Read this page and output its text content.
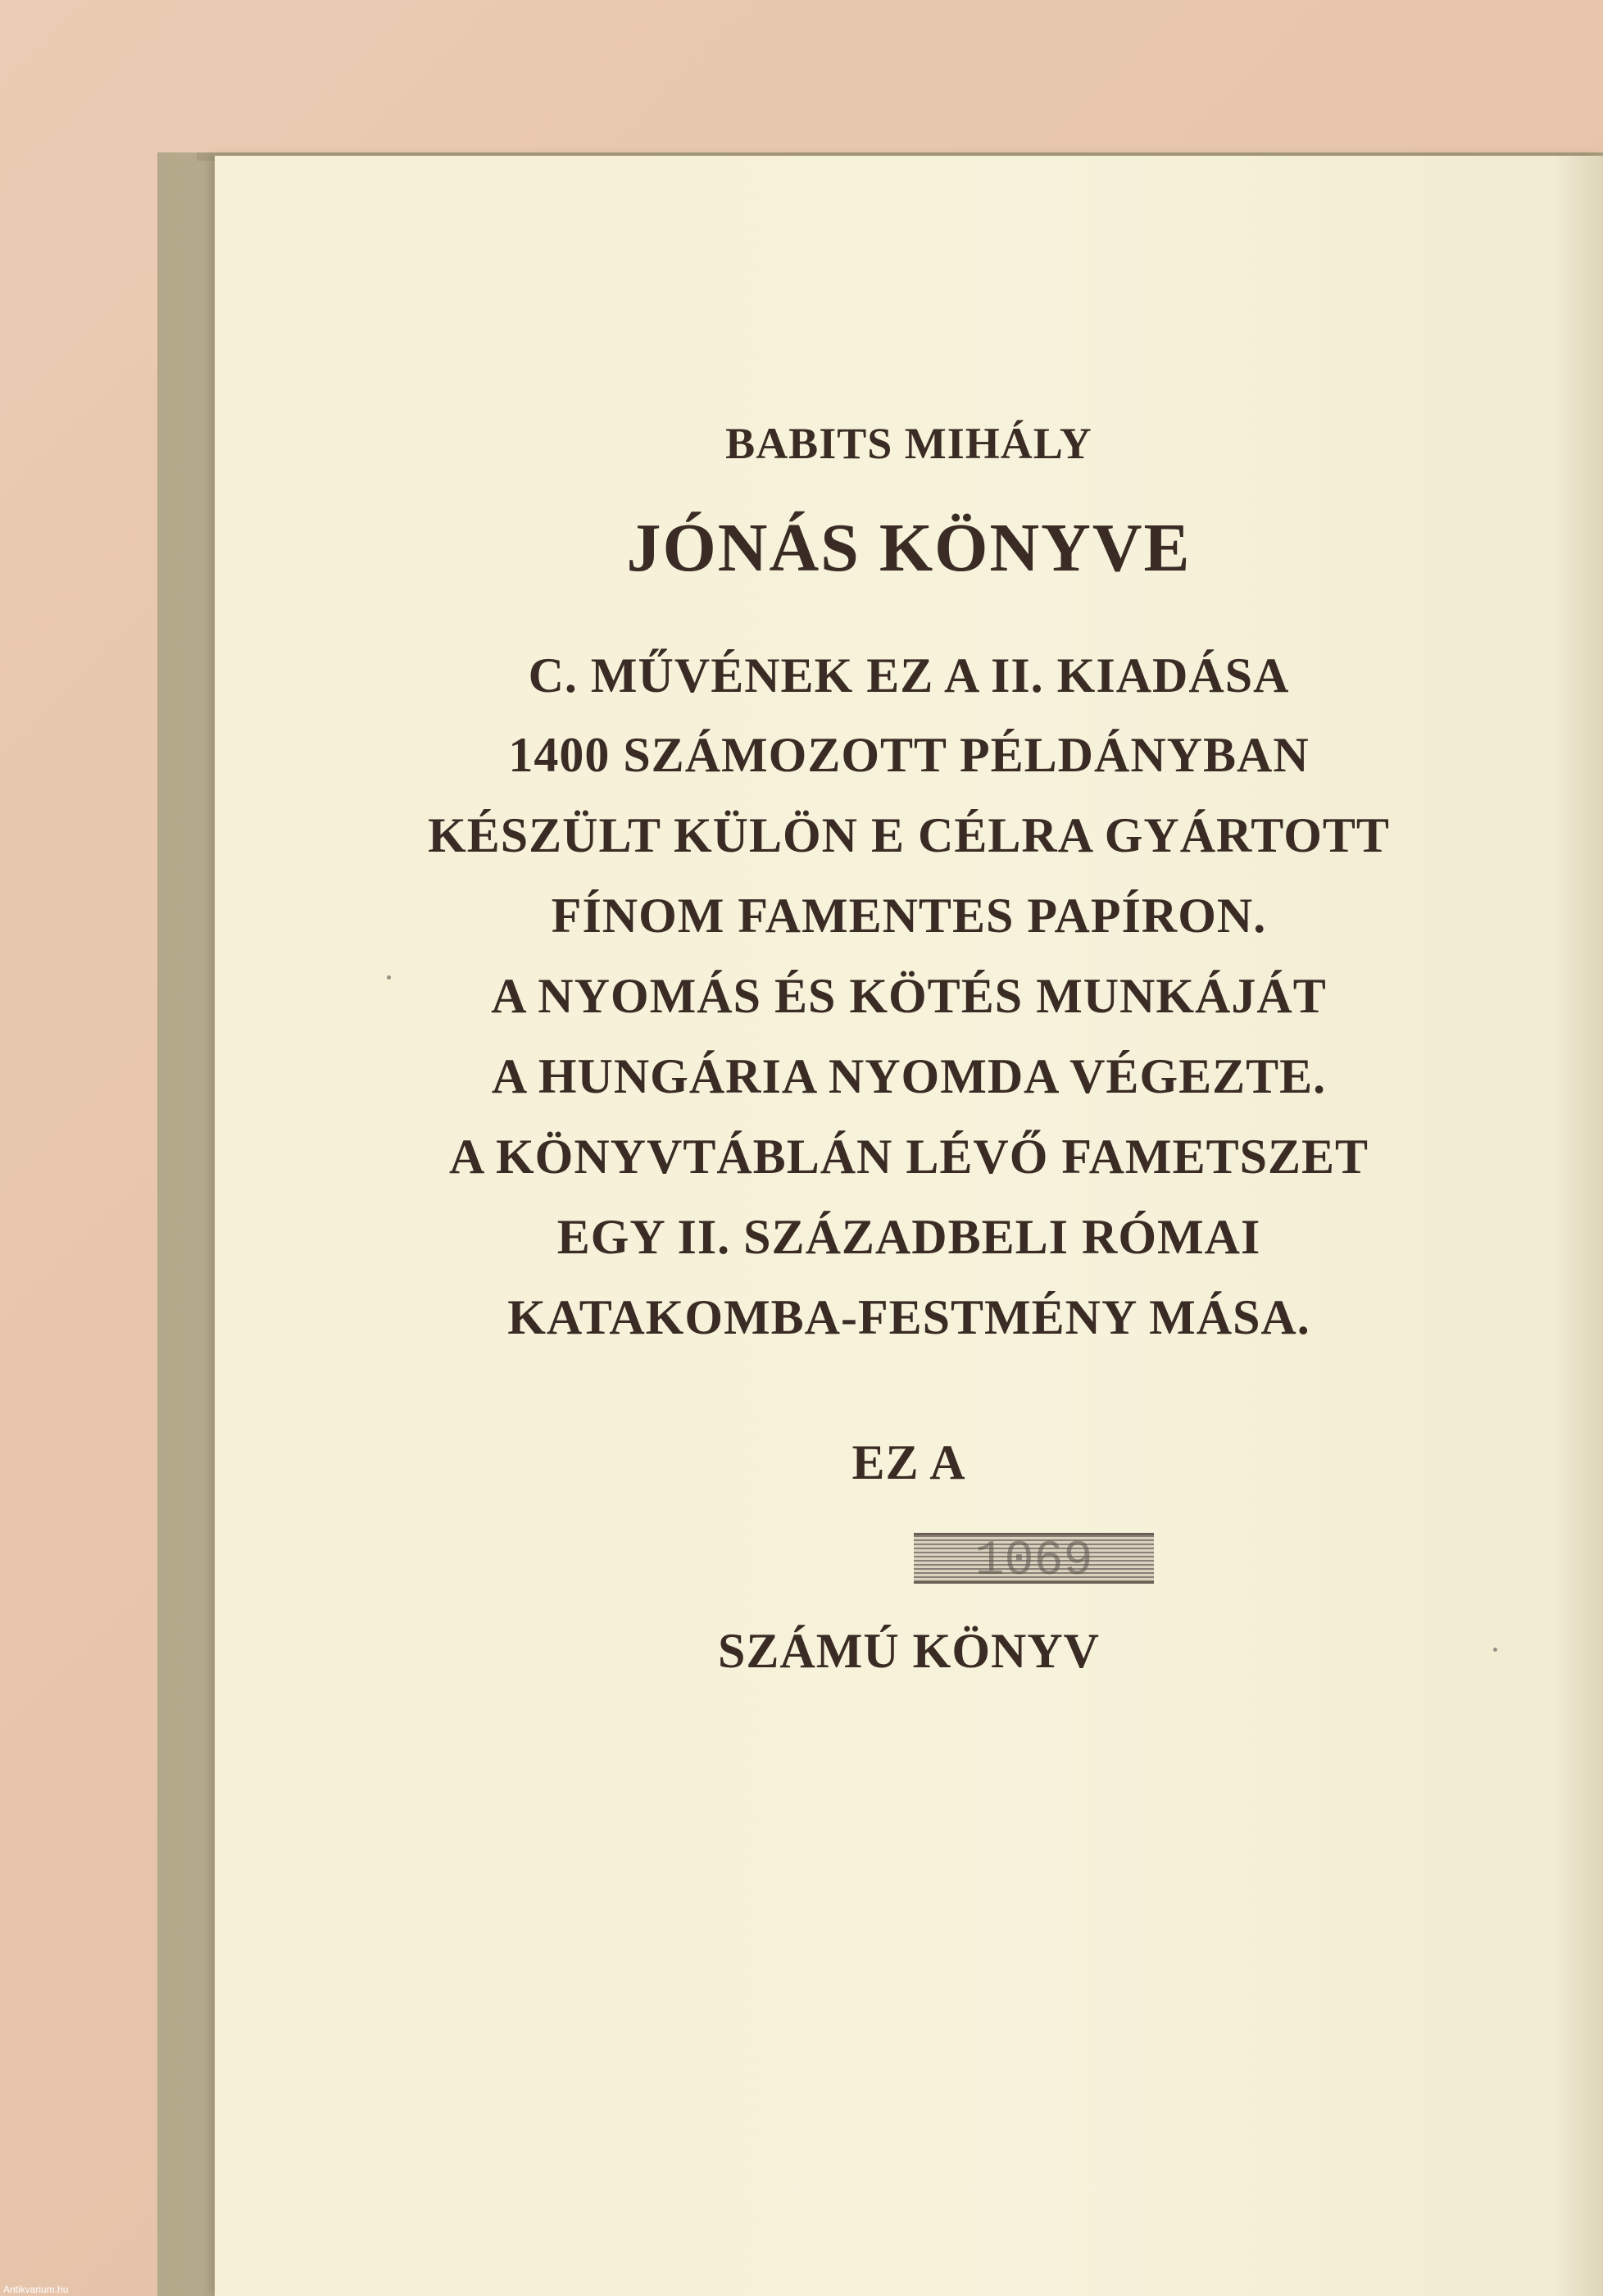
BABITS MIHÁLY
JÓNÁS KÖNYVE
C. MŰVÉNEK EZ A II. KIADÁSA
1400 SZÁMOZOTT PÉLDÁNYBAN
KÉSZÜLT KÜLÖN E CÉLRA GYÁRTOTT
FÍNOM FAMENTES PAPÍRON.
A NYOMÁS ÉS KÖTÉS MUNKÁJÁT
A HUNGÁRIA NYOMDA VÉGEZTE.
A KÖNYVTÁBLÁN LÉVŐ FAMETSZET
EGY II. SZÁZADBELI RÓMAI
KATAKOMBA-FESTMÉNY MÁSA.
EZ A
SZÁMÚ KÖNYV
1069
Antikvarium.hu
